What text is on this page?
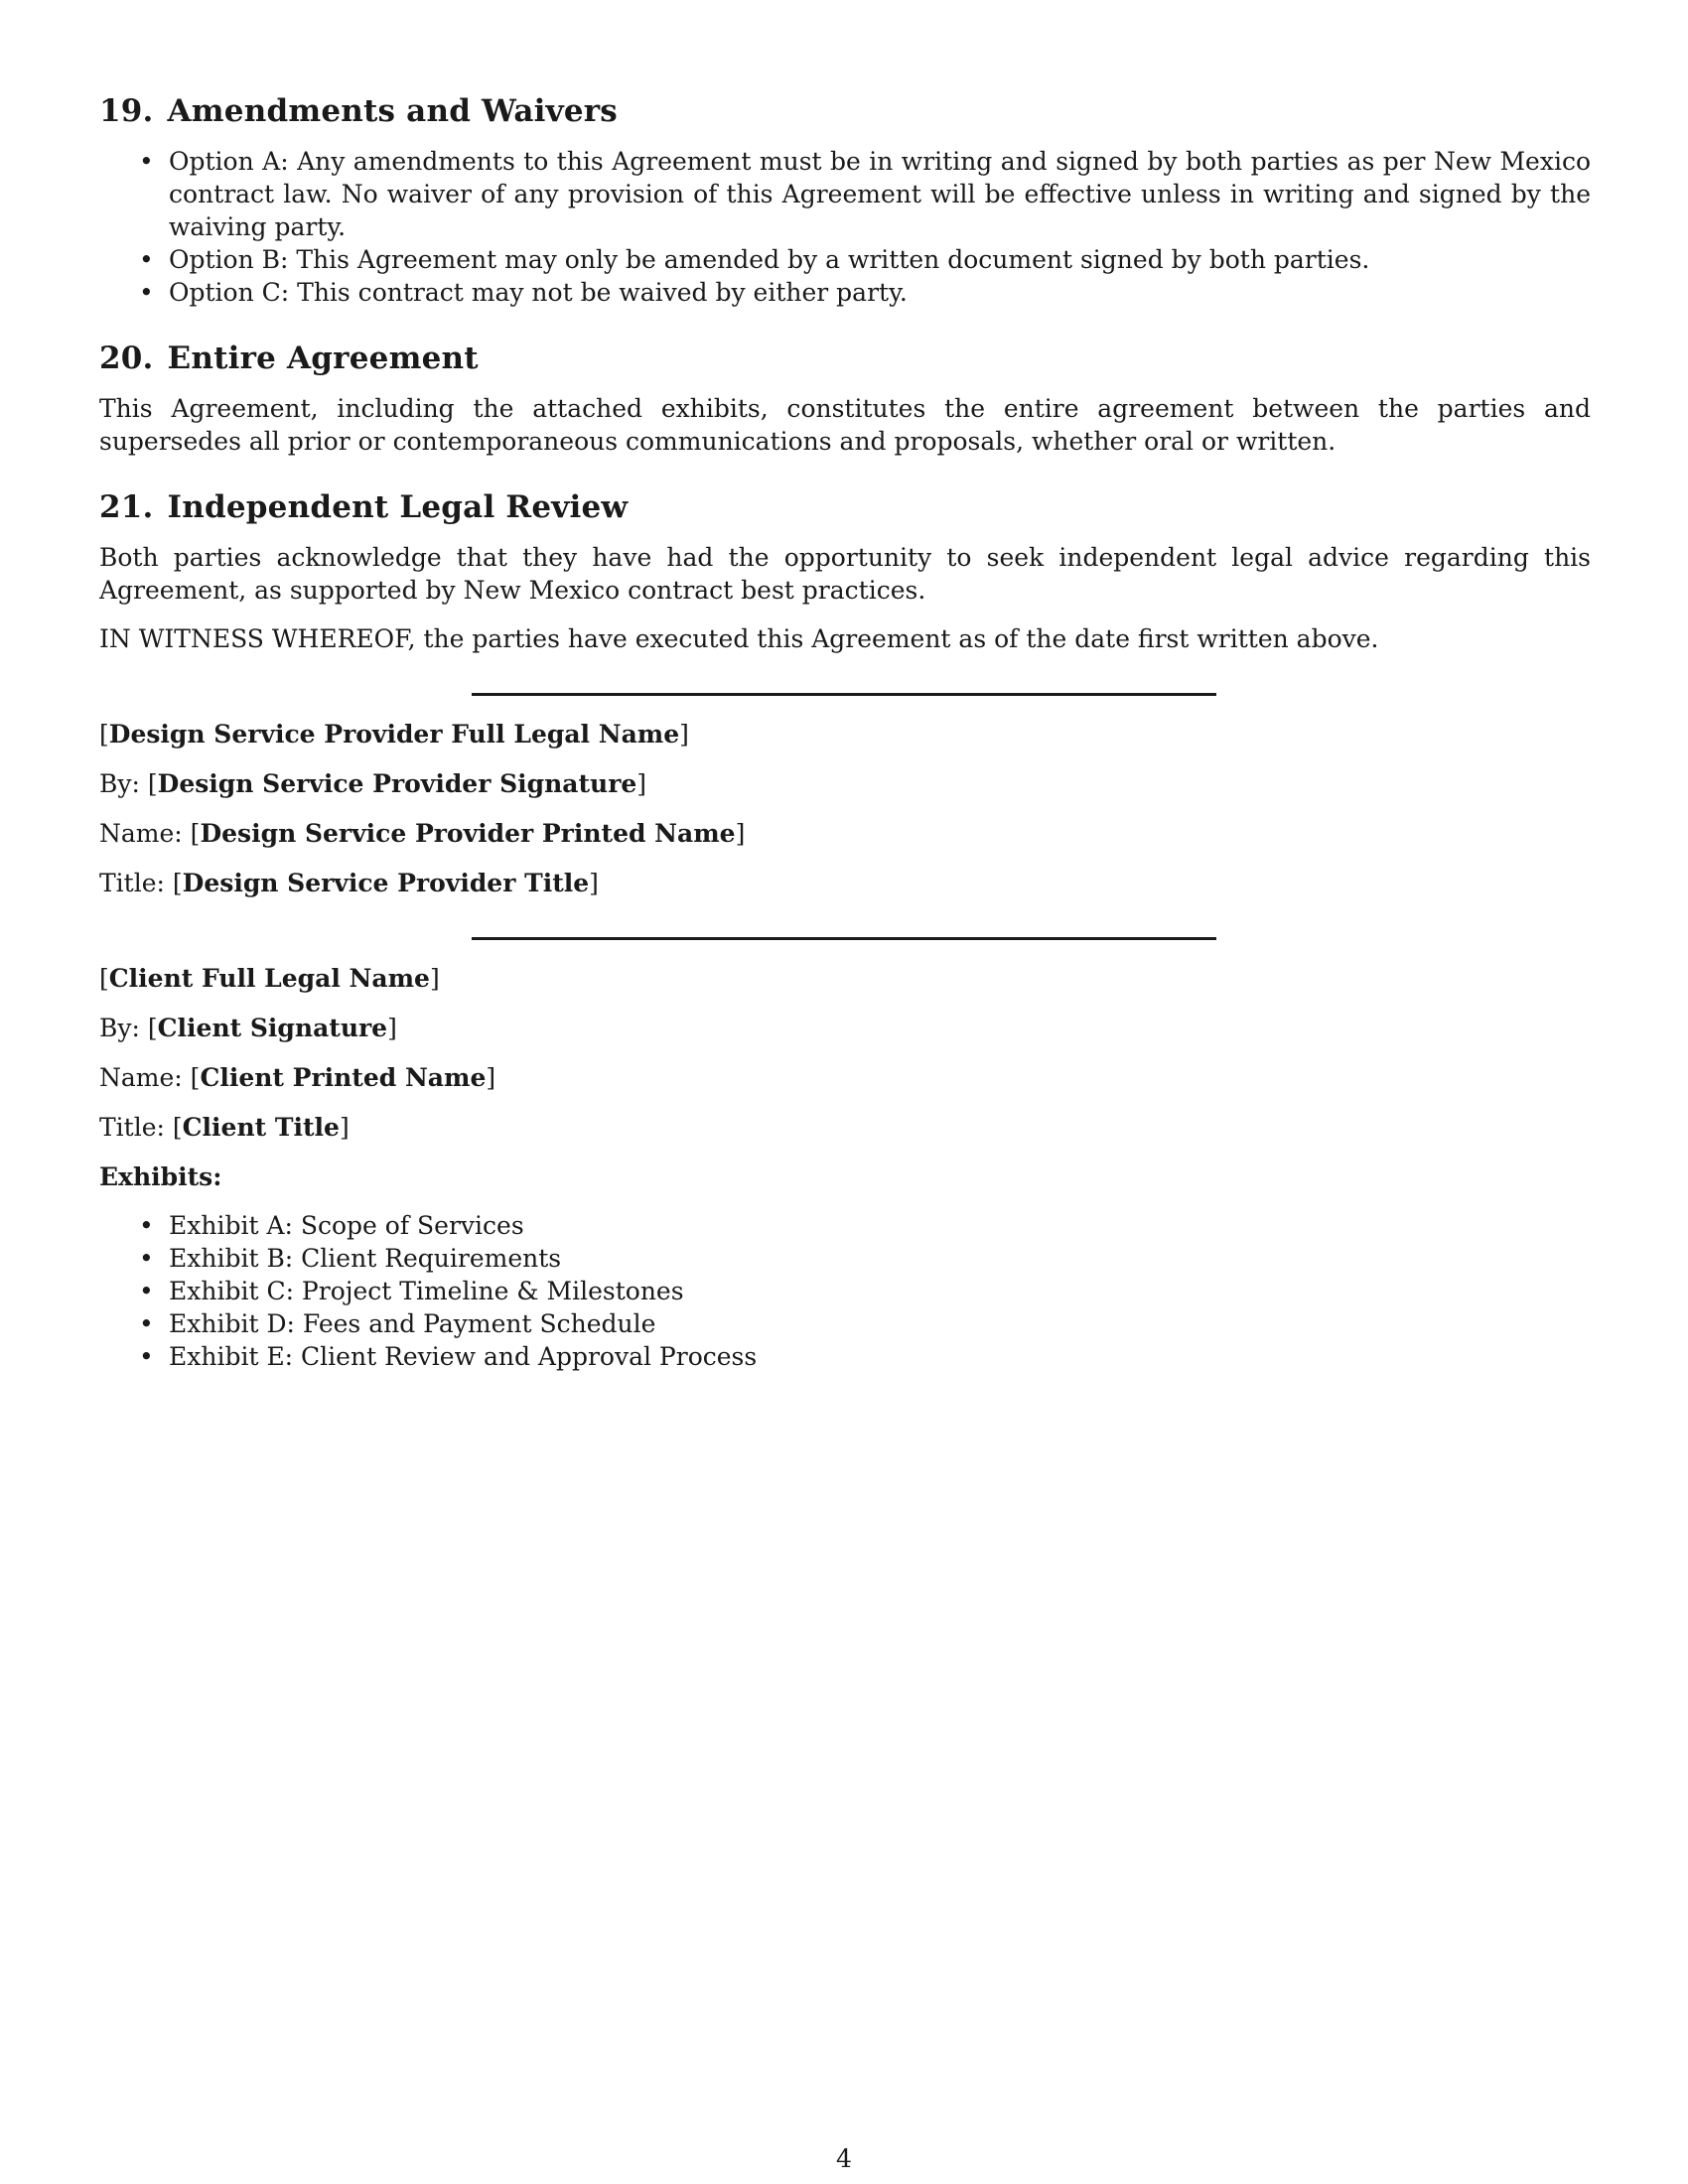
19. Amendments and Waivers
• Option A: Any amendments to this Agreement must be in writing and signed by both parties as per New Mexico contract law. No waiver of any provision of this Agreement will be effective unless in writing and signed by the waiving party.
• Option B: This Agreement may only be amended by a written document signed by both parties.
• Option C: This contract may not be waived by either party.
20. Entire Agreement

This Agreement, including the attached exhibits, constitutes the entire agreement between the parties and supersedes all prior or contemporaneous communications and proposals, whether oral or written.

21. Independent Legal Review

Both parties acknowledge that they have had the opportunity to seek independent legal advice regarding this Agreement, as supported by New Mexico contract best practices.

IN WITNESS WHEREOF, the parties have executed this Agreement as of the date first written above.

[Design Service Provider Full Legal Name]
By: [Design Service Provider Signature]
Name: [Design Service Provider Printed Name]
Title: [Design Service Provider Title]
[Client Full Legal Name]
By: [Client Signature]
Name: [Client Printed Name]
Title: [Client Title]
Exhibits:
• Exhibit A: Scope of Services
• Exhibit B: Client Requirements
• Exhibit C: Project Timeline & Milestones
• Exhibit D: Fees and Payment Schedule
• Exhibit E: Client Review and Approval Process
4
